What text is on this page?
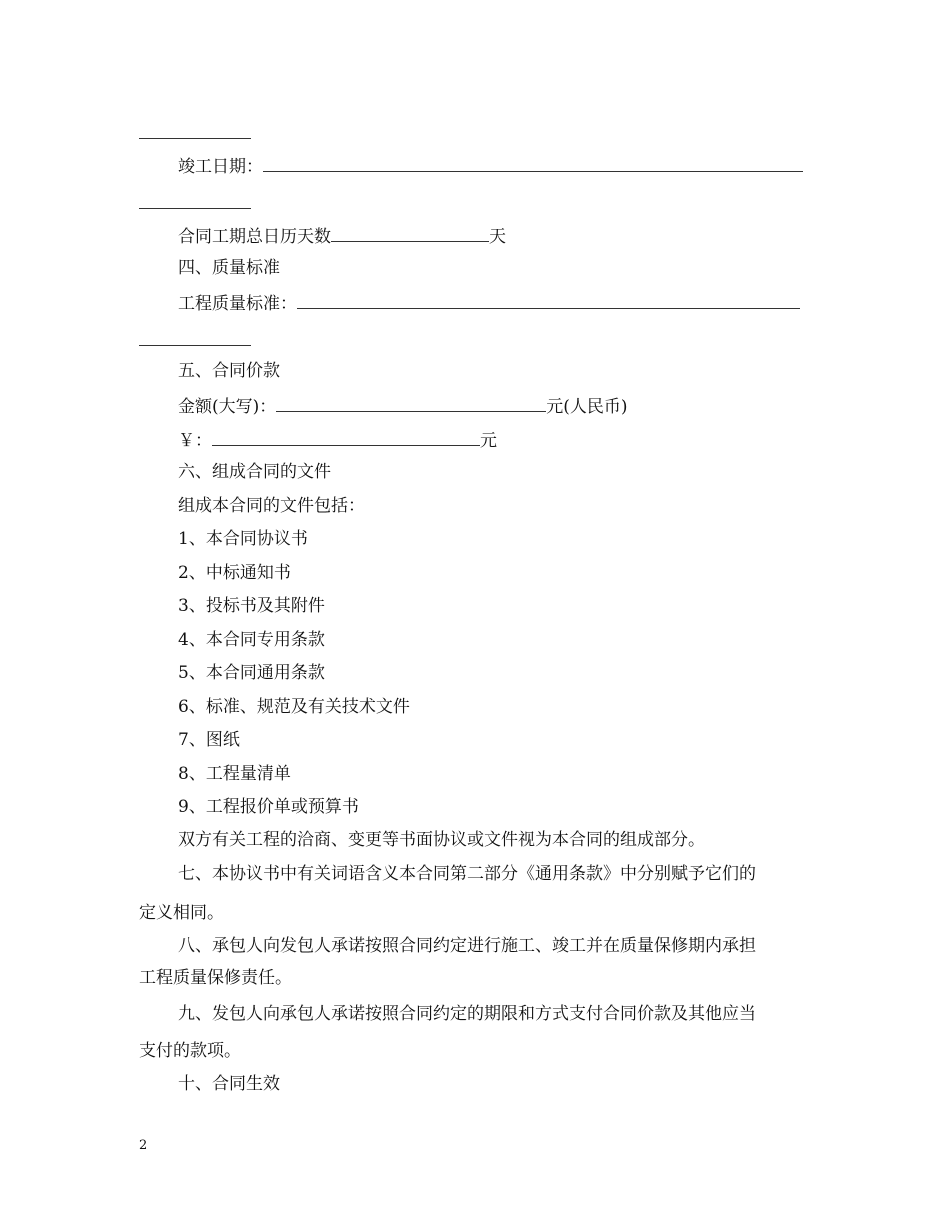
竣工日期：
合同工期总日历天数	天
四、质量标准
工程质量标准：
五、合同价款
金额(大写)：	元(人民币)
￥：	元
六、组成合同的文件
组成本合同的文件包括：
1、本合同协议书
2、中标通知书
3、投标书及其附件
4、本合同专用条款
5、本合同通用条款
6、标准、规范及有关技术文件
7、图纸
8、工程量清单
9、工程报价单或预算书
双方有关工程的洽商、变更等书面协议或文件视为本合同的组成部分。
七、本协议书中有关词语含义本合同第二部分《通用条款》中分别赋予它们的
定义相同。
八、承包人向发包人承诺按照合同约定进行施工、竣工并在质量保修期内承担
工程质量保修责任。
九、发包人向承包人承诺按照合同约定的期限和方式支付合同价款及其他应当
支付的款项。
十、合同生效
2
